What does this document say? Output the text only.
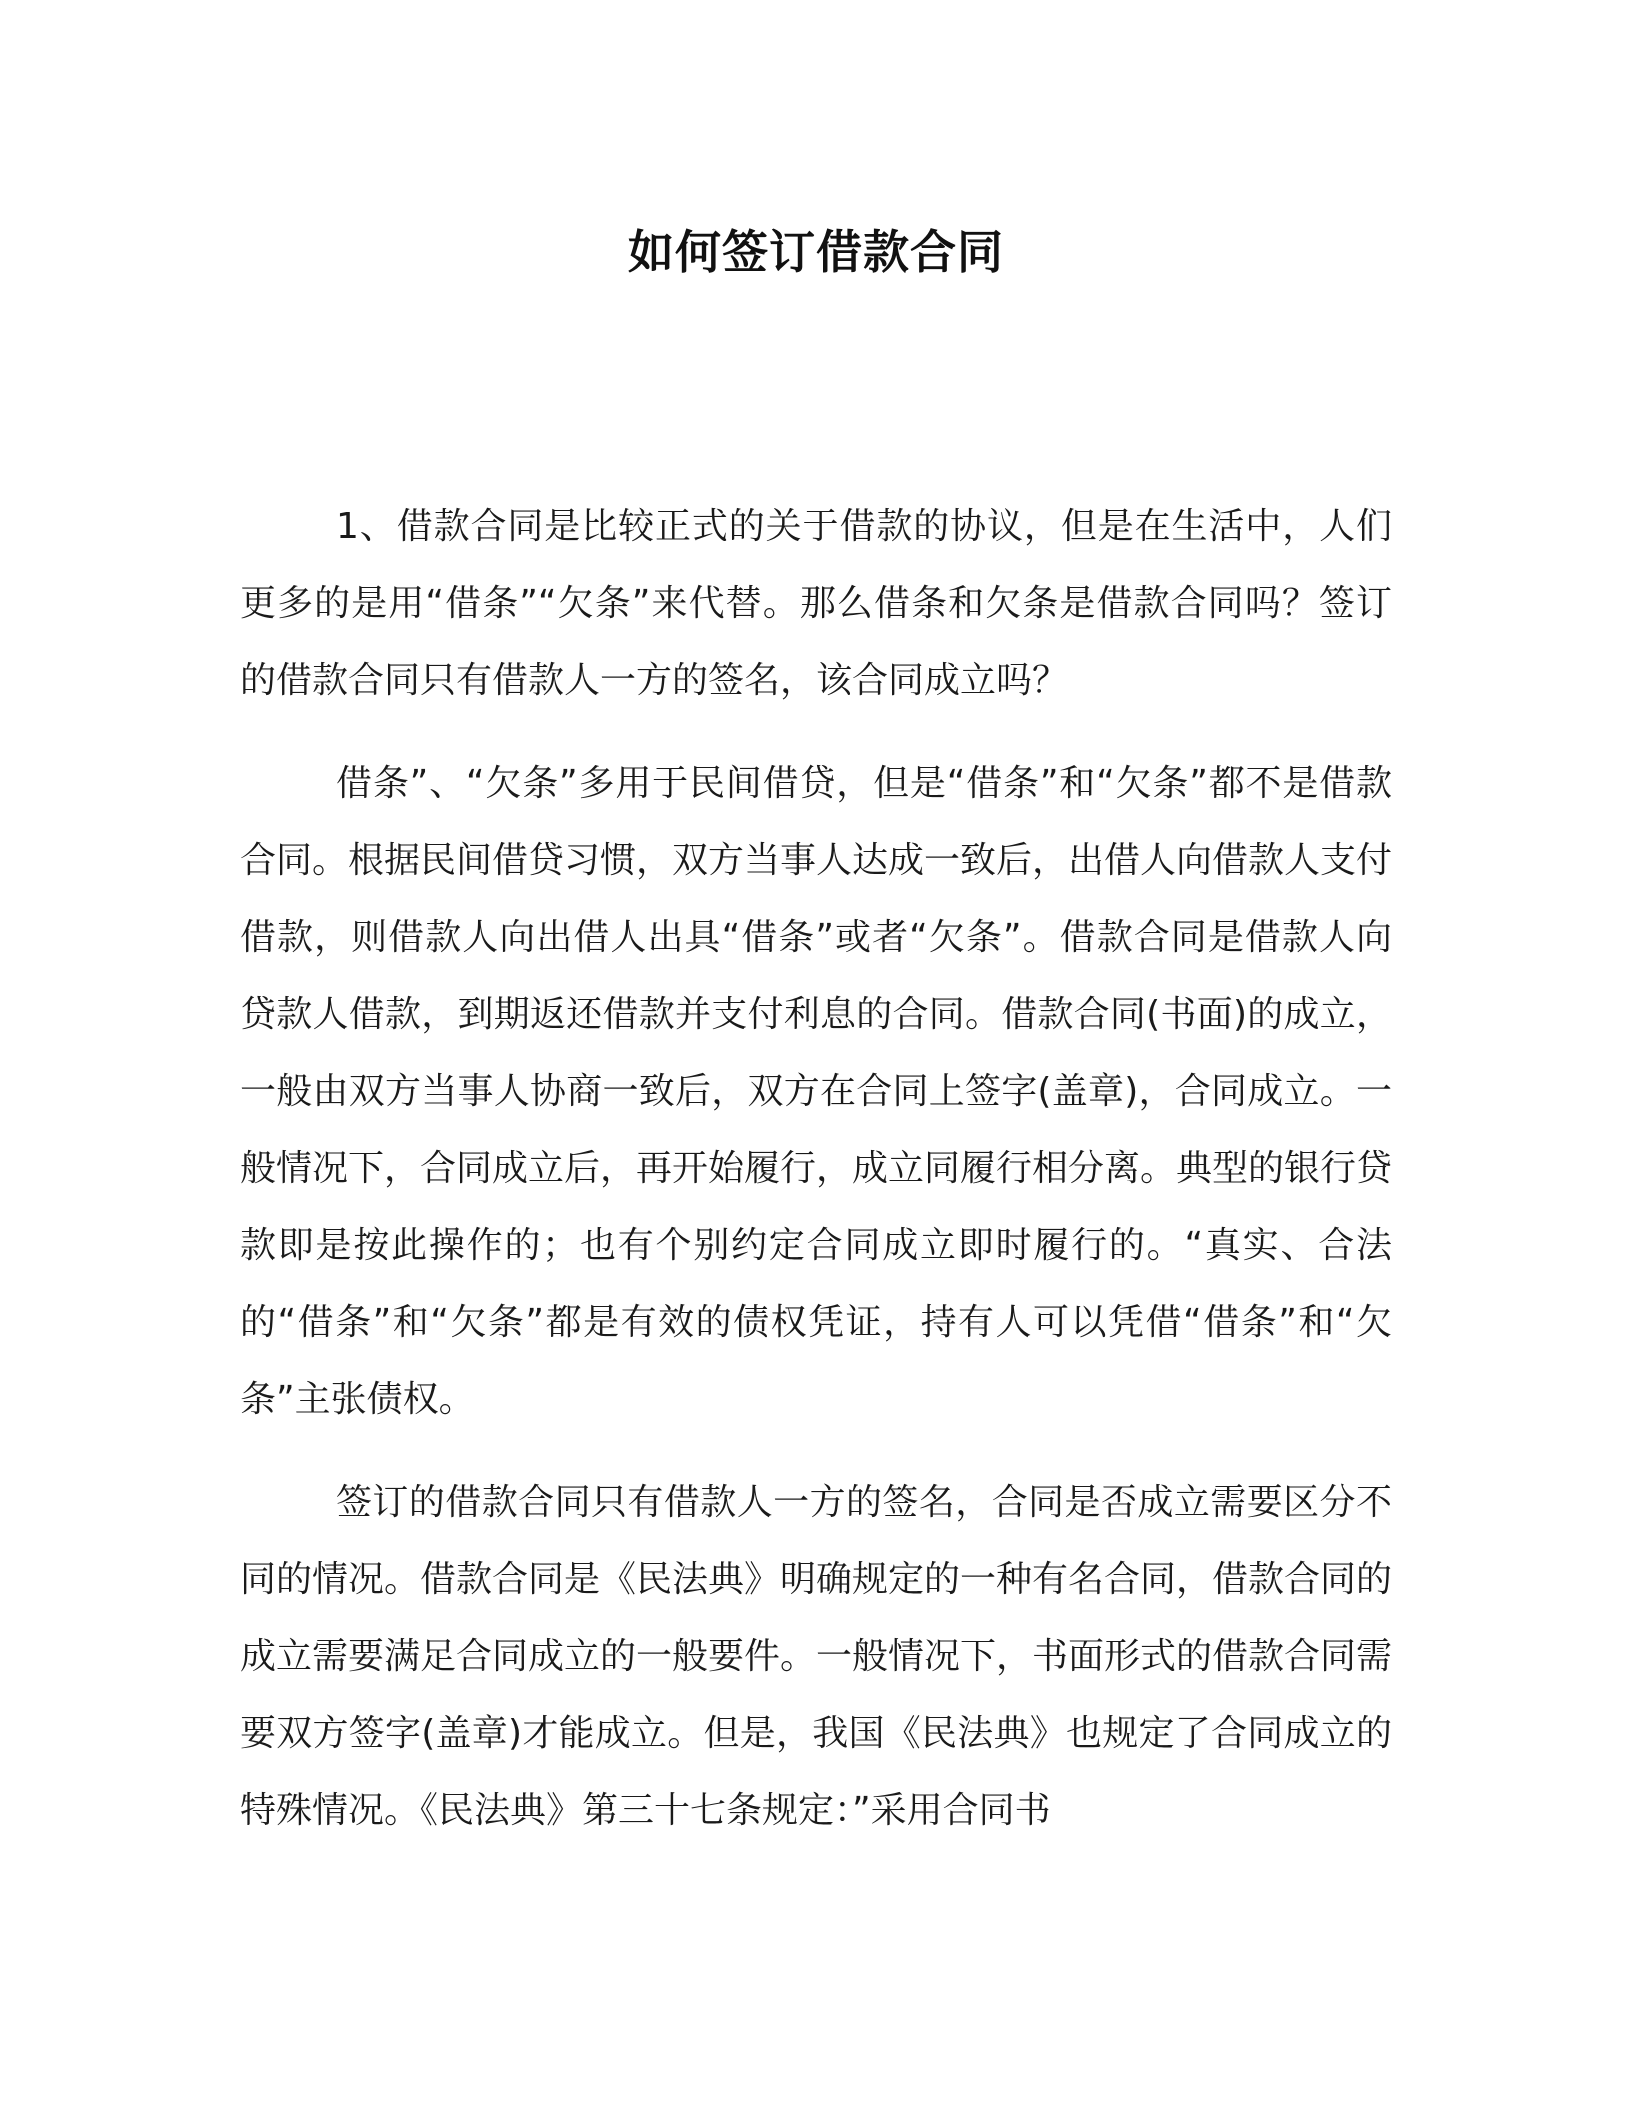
如何签订借款合同

1、借款合同是比较正式的关于借款的协议，但是在生活中，人们更多的是用“借条”“欠条”来代替。那么借条和欠条是借款合同吗？签订的借款合同只有借款人一方的签名，该合同成立吗？

借条”、“欠条”多用于民间借贷，但是“借条”和“欠条”都不是借款合同。根据民间借贷习惯，双方当事人达成一致后，出借人向借款人支付借款，则借款人向出借人出具“借条”或者“欠条”。借款合同是借款人向贷款人借款，到期返还借款并支付利息的合同。借款合同(书面)的成立，一般由双方当事人协商一致后，双方在合同上签字(盖章)，合同成立。一般情况下，合同成立后，再开始履行，成立同履行相分离。典型的银行贷款即是按此操作的；也有个别约定合同成立即时履行的。“真实、合法的“借条”和“欠条”都是有效的债权凭证，持有人可以凭借“借条”和“欠条”主张债权。

签订的借款合同只有借款人一方的签名，合同是否成立需要区分不同的情况。借款合同是《民法典》明确规定的一种有名合同，借款合同的成立需要满足合同成立的一般要件。一般情况下，书面形式的借款合同需要双方签字(盖章)才能成立。但是，我国《民法典》也规定了合同成立的特殊情况。《民法典》第三十七条规定：”采用合同书
